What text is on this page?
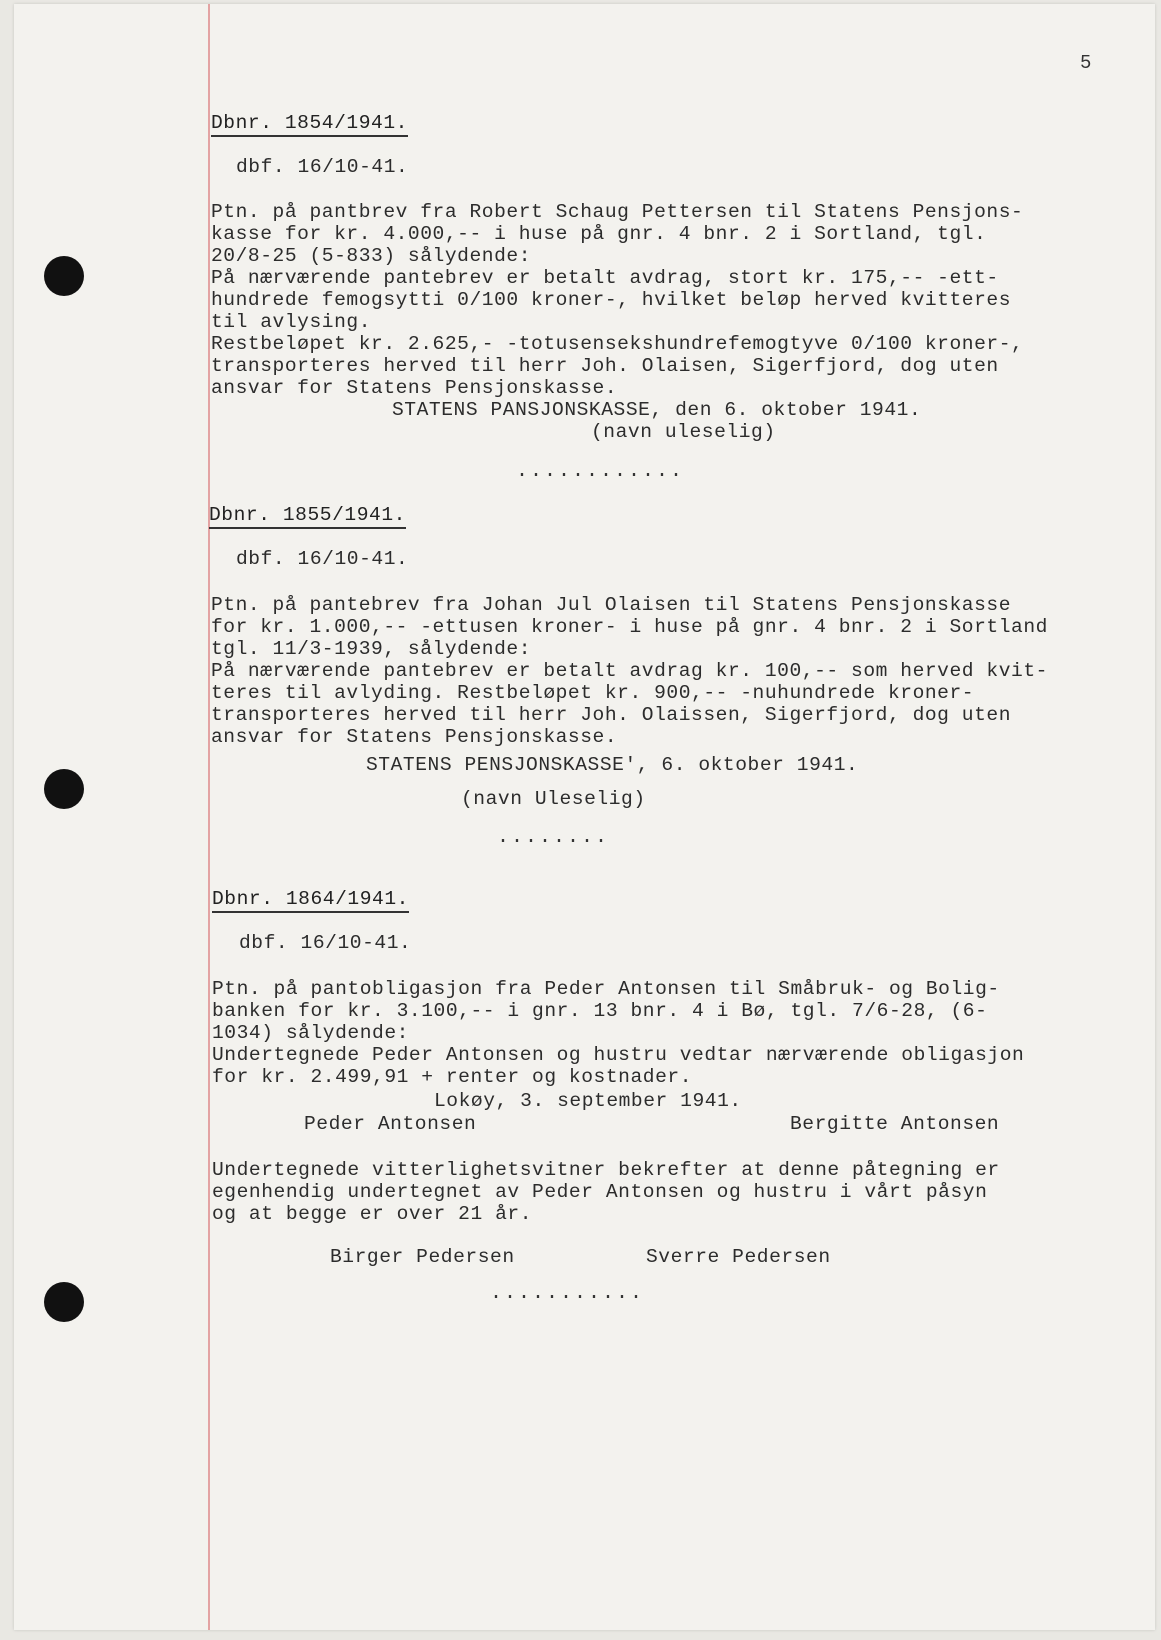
5
Dbnr. 1854/1941.
dbf. 16/10-41.
Ptn. på pantbrev fra Robert Schaug Pettersen til Statens Pensjons-
kasse for kr. 4.000,-- i huse på gnr. 4 bnr. 2 i Sortland, tgl.
20/8-25 (5-833) sålydende:
På nærværende pantebrev er betalt avdrag, stort kr. 175,-- -ett-
hundrede femogsytti 0/100 kroner-, hvilket beløp herved kvitteres
til avlysing.
Restbeløpet kr. 2.625,- -totusensekshundrefemogtyve 0/100 kroner-,
transporteres herved til herr Joh. Olaisen, Sigerfjord, dog uten
ansvar for Statens Pensjonskasse.
STATENS PANSJONSKASSE, den 6. oktober 1941.
(navn uleselig)
............
Dbnr. 1855/1941.
dbf. 16/10-41.
Ptn. på pantebrev fra Johan Jul Olaisen til Statens Pensjonskasse
for kr. 1.000,-- -ettusen kroner- i huse på gnr. 4 bnr. 2 i Sortland
tgl. 11/3-1939, sålydende:
På nærværende pantebrev er betalt avdrag kr. 100,-- som herved kvit-
teres til avlyding. Restbeløpet kr. 900,-- -nuhundrede kroner-
transporteres herved til herr Joh. Olaissen, Sigerfjord, dog uten
ansvar for Statens Pensjonskasse.
STATENS PENSJONSKASSE', 6. oktober 1941.
(navn Uleselig)
........
Dbnr. 1864/1941.
dbf. 16/10-41.
Ptn. på pantobligasjon fra Peder Antonsen til Småbruk- og Bolig-
banken for kr. 3.100,-- i gnr. 13 bnr. 4 i Bø, tgl. 7/6-28, (6-
1034) sålydende:
Undertegnede Peder Antonsen og hustru vedtar nærværende obligasjon
for kr. 2.499,91 + renter og kostnader.
Lokøy, 3. september 1941.
Peder Antonsen	Bergitte Antonsen
Undertegnede vitterlighetsvitner bekrefter at denne påtegning er
egenhendig undertegnet av Peder Antonsen og hustru i vårt påsyn
og at begge er over 21 år.
Birger Pedersen	Sverre Pedersen
...........
